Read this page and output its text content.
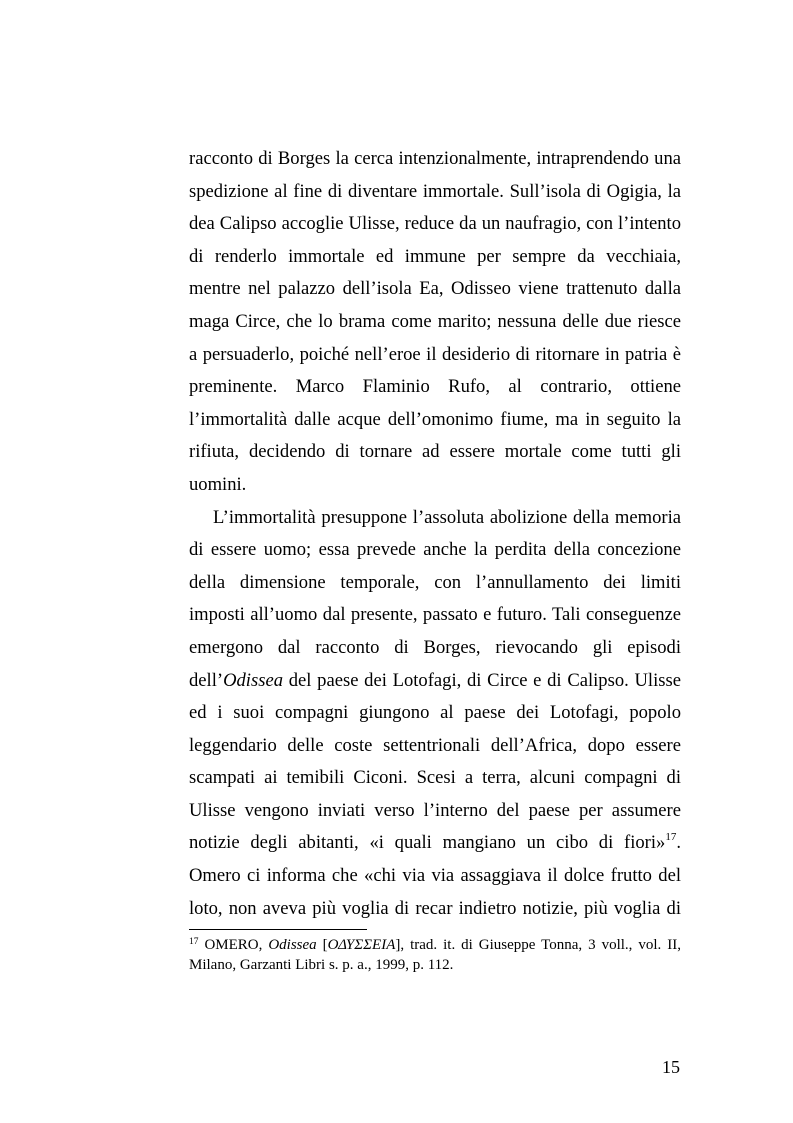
racconto di Borges la cerca intenzionalmente, intraprendendo una
spedizione al fine di diventare immortale. Sull’isola di Ogigia, la
dea Calipso accoglie Ulisse, reduce da un naufragio, con l’intento
di renderlo immortale ed immune per sempre da vecchiaia,
mentre nel palazzo dell’isola Ea, Odisseo viene trattenuto dalla
maga Circe, che lo brama come marito; nessuna delle due riesce
a persuaderlo, poiché nell’eroe il desiderio di ritornare in patria è
preminente. Marco Flaminio Rufo, al contrario, ottiene
l’immortalità dalle acque dell’omonimo fiume, ma in seguito la
rifiuta, decidendo di tornare ad essere mortale come tutti gli
uomini.
L’immortalità presuppone l’assoluta abolizione della memoria
di essere uomo; essa prevede anche la perdita della concezione
della dimensione temporale, con l’annullamento dei limiti
imposti all’uomo dal presente, passato e futuro. Tali conseguenze
emergono dal racconto di Borges, rievocando gli episodi
dell’Odissea del paese dei Lotofagi, di Circe e di Calipso. Ulisse
ed i suoi compagni giungono al paese dei Lotofagi, popolo
leggendario delle coste settentrionali dell’Africa, dopo essere
scampati ai temibili Ciconi. Scesi a terra, alcuni compagni di
Ulisse vengono inviati verso l’interno del paese per assumere
notizie degli abitanti, «i quali mangiano un cibo di fiori»$^{17}$.
Omero ci informa che «chi via via assaggiava il dolce frutto del
loto, non aveva più voglia di recar indietro notizie, più voglia di
$^{17}$ OMERO, Odissea [ΟΔΥΣΣΕΙΑ], trad. it. di Giuseppe Tonna, 3 voll., vol. II,
Milano, Garzanti Libri s. p. a., 1999, p. 112.
15
